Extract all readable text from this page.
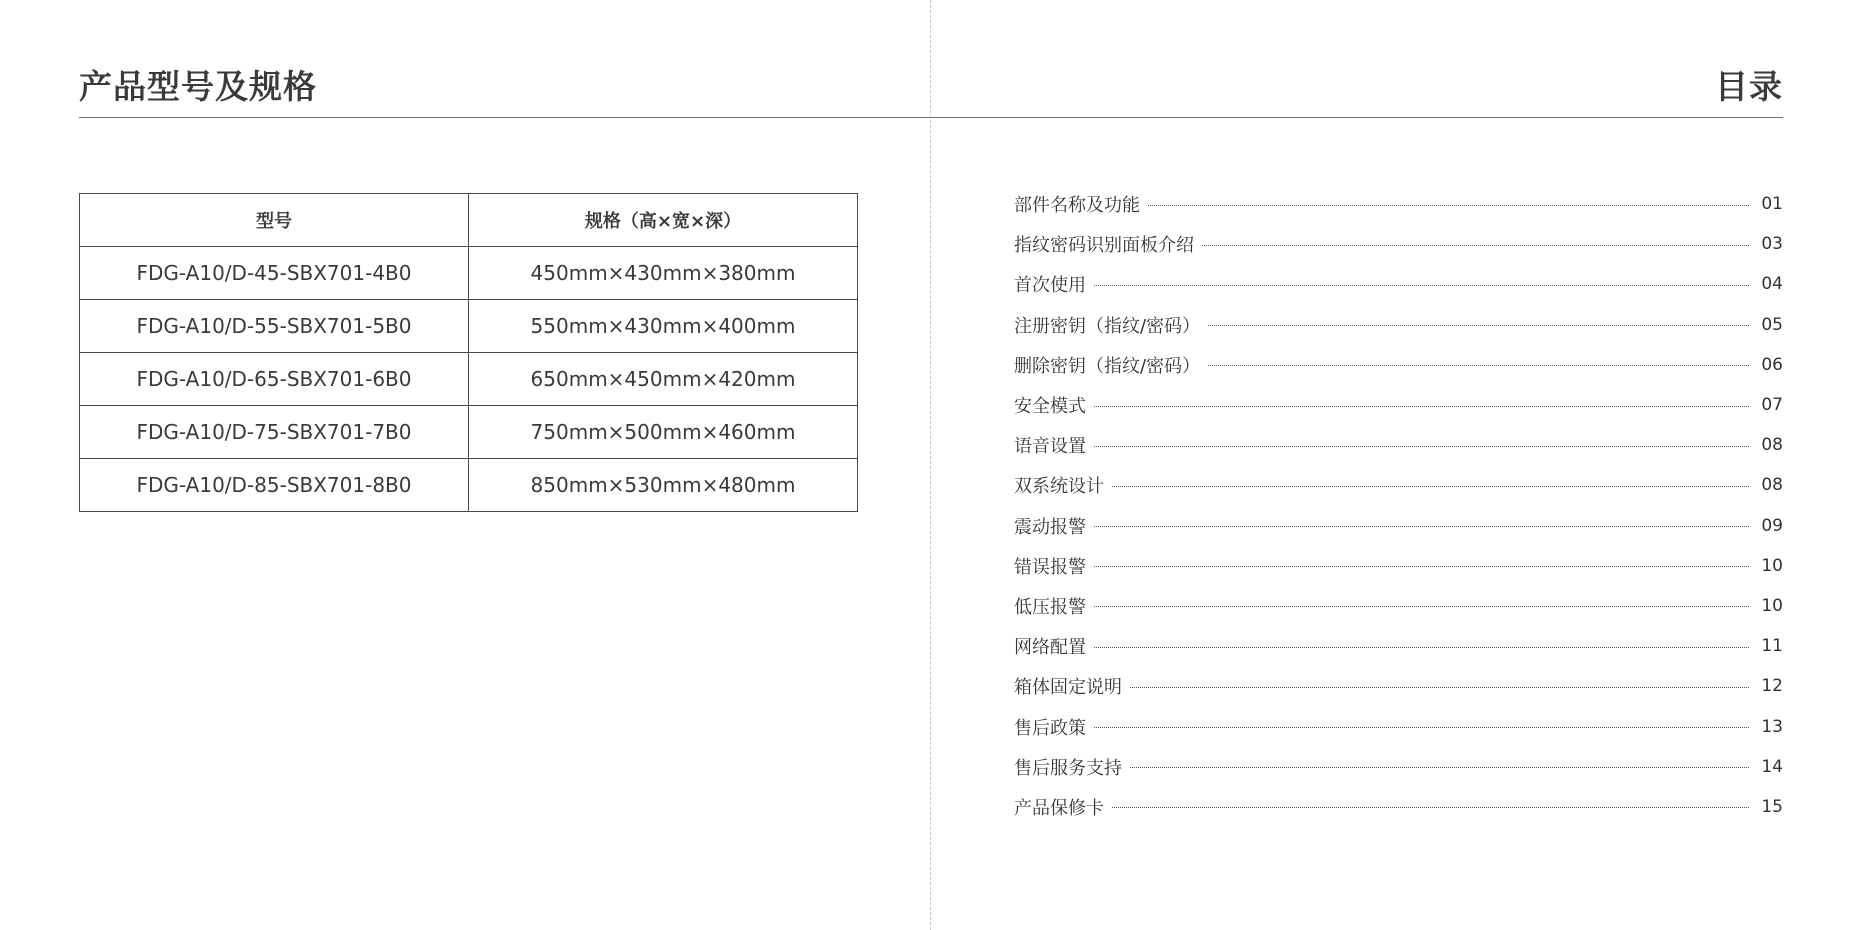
产品型号及规格
型号	规格（高×宽×深）
FDG-A10/D-45-SBX701-4B0	450mm×430mm×380mm
FDG-A10/D-55-SBX701-5B0	550mm×430mm×400mm
FDG-A10/D-65-SBX701-6B0	650mm×450mm×420mm
FDG-A10/D-75-SBX701-7B0	750mm×500mm×460mm
FDG-A10/D-85-SBX701-8B0	850mm×530mm×480mm
目录
部件名称及功能	01
指纹密码识别面板介绍	03
首次使用	04
注册密钥（指纹/密码）	05
删除密钥（指纹/密码）	06
安全模式	07
语音设置	08
双系统设计	08
震动报警	09
错误报警	10
低压报警	10
网络配置	11
箱体固定说明	12
售后政策	13
售后服务支持	14
产品保修卡	15
